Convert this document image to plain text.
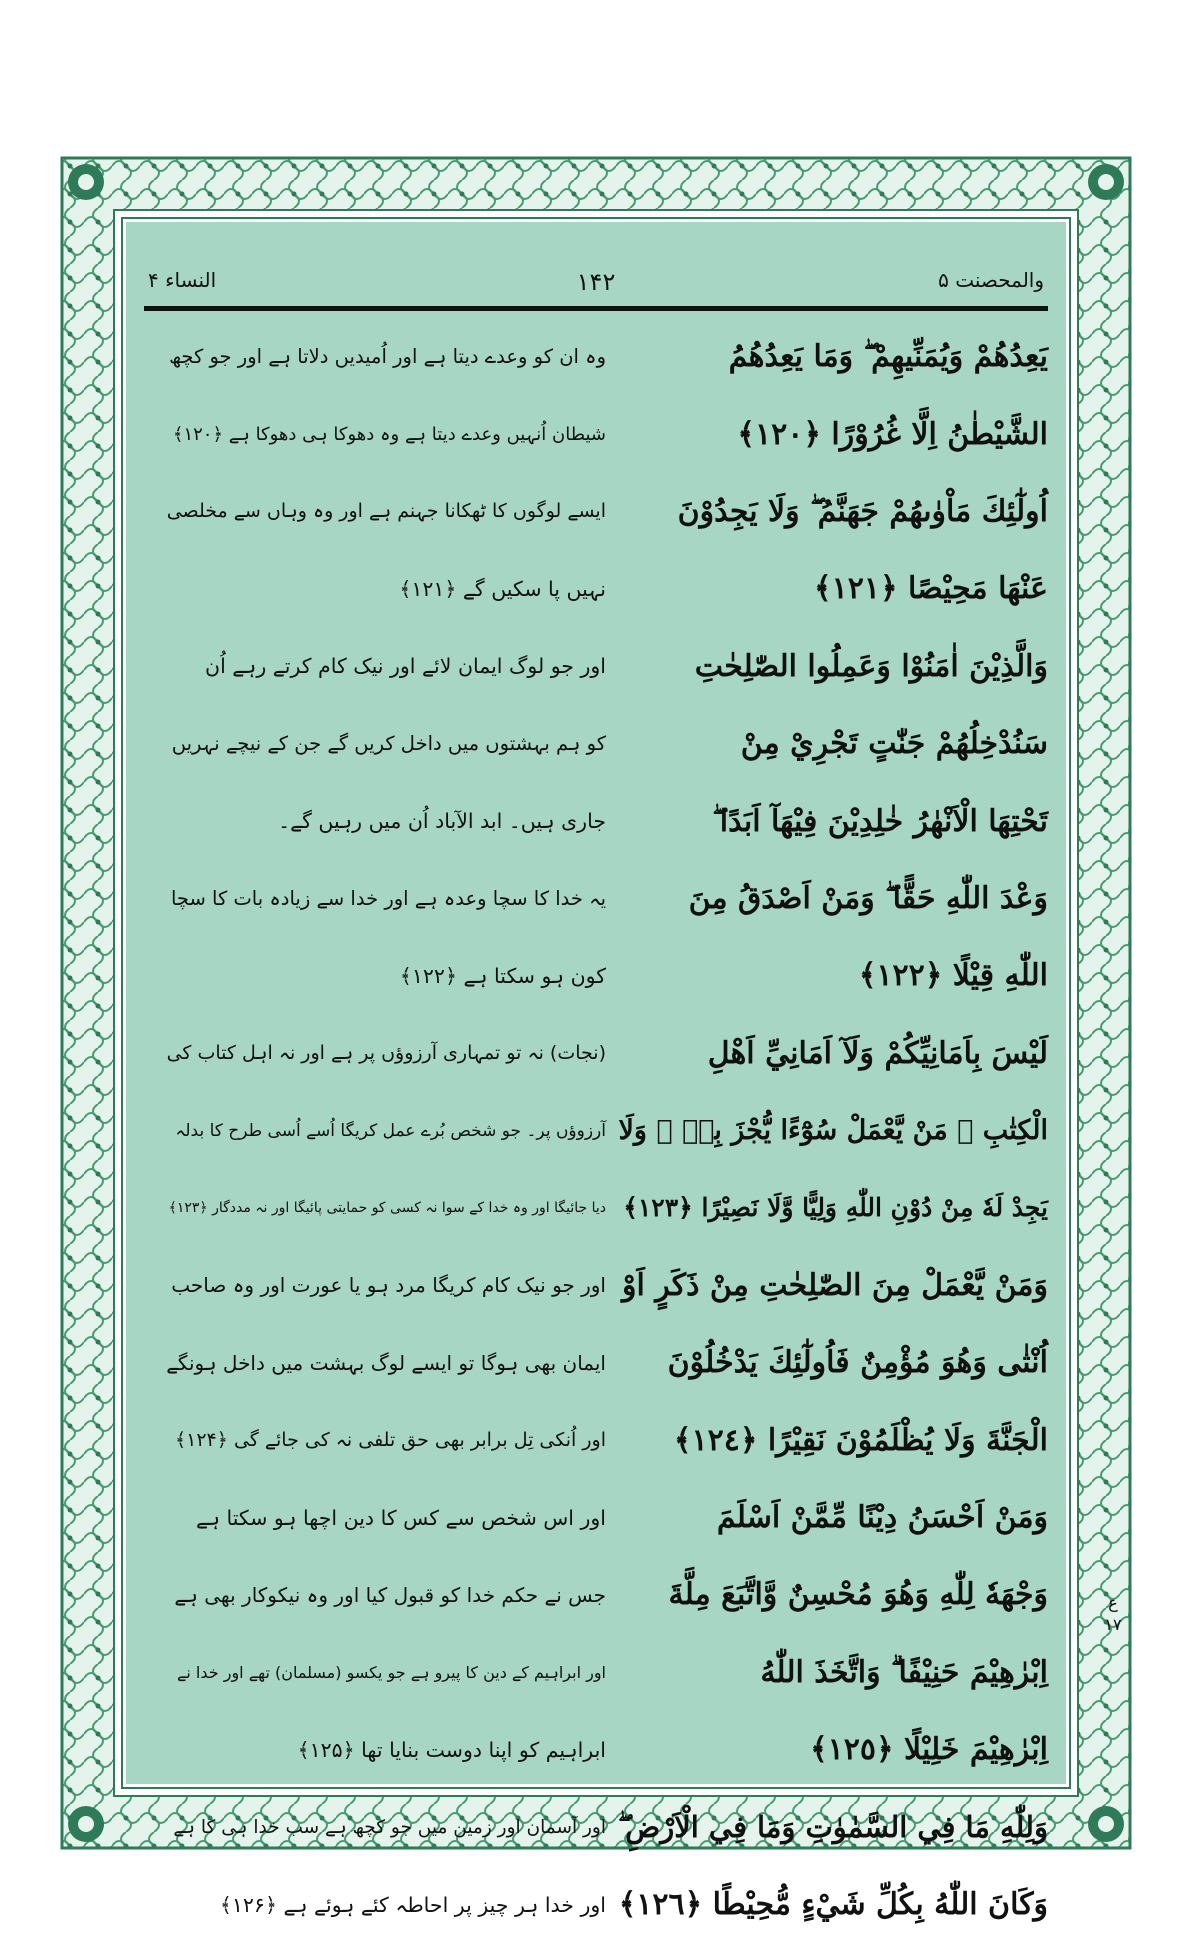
والمحصنت ۵
۱۴۲
النساء ۴
يَعِدُهُمْ وَيُمَنِّيهِمْ ۖ وَمَا يَعِدُهُمُ
الشَّيْطٰنُ اِلَّا غُرُوْرًا ﴿١٢٠﴾
اُولٰٓئِكَ مَاْوٰىهُمْ جَهَنَّمُ ۖ وَلَا يَجِدُوْنَ
عَنْهَا مَحِيْصًا ﴿١٢١﴾
وَالَّذِيْنَ اٰمَنُوْا وَعَمِلُوا الصّٰلِحٰتِ
سَنُدْخِلُهُمْ جَنّٰتٍ تَجْرِيْ مِنْ
تَحْتِهَا الْاَنْهٰرُ خٰلِدِيْنَ فِيْهَآ اَبَدًا ۖ
وَعْدَ اللّٰهِ حَقًّا ۖ وَمَنْ اَصْدَقُ مِنَ
اللّٰهِ قِيْلًا ﴿١٢٢﴾
لَيْسَ بِاَمَانِيِّكُمْ وَلَآ اَمَانِيِّ اَهْلِ
الْكِتٰبِ ۖ مَنْ يَّعْمَلْ سُوْٓءًا يُّجْزَ بِهٖ ۙ وَلَا
يَجِدْ لَهٗ مِنْ دُوْنِ اللّٰهِ وَلِيًّا وَّلَا نَصِيْرًا ﴿١٢٣﴾
وَمَنْ يَّعْمَلْ مِنَ الصّٰلِحٰتِ مِنْ ذَكَرٍ اَوْ
اُنْثٰى وَهُوَ مُؤْمِنٌ فَاُولٰٓئِكَ يَدْخُلُوْنَ
الْجَنَّةَ وَلَا يُظْلَمُوْنَ نَقِيْرًا ﴿١٢٤﴾
وَمَنْ اَحْسَنُ دِيْنًا مِّمَّنْ اَسْلَمَ
وَجْهَهٗ لِلّٰهِ وَهُوَ مُحْسِنٌ وَّاتَّبَعَ مِلَّةَ
اِبْرٰهِيْمَ حَنِيْفًا ۗ وَاتَّخَذَ اللّٰهُ
اِبْرٰهِيْمَ خَلِيْلًا ﴿١٢٥﴾
وَلِلّٰهِ مَا فِي السَّمٰوٰتِ وَمَا فِي الْاَرْضِ ۖ
وَكَانَ اللّٰهُ بِكُلِّ شَيْءٍ مُّحِيْطًا ﴿١٢٦﴾
وہ ان کو وعدے دیتا ہے اور اُمیدیں دلاتا ہے اور جو کچھ
شیطان اُنہیں وعدے دیتا ہے وہ دھوکا ہی دھوکا ہے ﴿۱۲۰﴾
ایسے لوگوں کا ٹھکانا جہنم ہے اور وہ وہاں سے مخلصی
نہیں پا سکیں گے ﴿۱۲۱﴾
اور جو لوگ ایمان لائے اور نیک کام کرتے رہے اُن
کو ہم بہشتوں میں داخل کریں گے جن کے نیچے نہریں
جاری ہیں۔ ابد الآباد اُن میں رہیں گے۔
یہ خدا کا سچا وعدہ ہے اور خدا سے زیادہ بات کا سچا
کون ہو سکتا ہے ﴿۱۲۲﴾
(نجات) نہ تو تمہاری آرزوؤں پر ہے اور نہ اہل کتاب کی
آرزوؤں پر۔ جو شخص بُرے عمل کریگا اُسے اُسی طرح کا بدلہ
دیا جائیگا اور وہ خدا کے سوا نہ کسی کو حمایتی پائیگا اور نہ مددگار ﴿۱۲۳﴾
اور جو نیک کام کریگا مرد ہو یا عورت اور وہ صاحب
ایمان بھی ہوگا تو ایسے لوگ بہشت میں داخل ہونگے
اور اُنکی تِل برابر بھی حق تلفی نہ کی جائے گی ﴿۱۲۴﴾
اور اس شخص سے کس کا دین اچھا ہو سکتا ہے
جس نے حکم خدا کو قبول کیا اور وہ نیکوکار بھی ہے
اور ابراہیم کے دین کا پیرو ہے جو یکسو (مسلمان) تھے اور خدا نے
ابراہیم کو اپنا دوست بنایا تھا ﴿۱۲۵﴾
اور آسمان اور زمین میں جو کچھ ہے سب خدا ہی کا ہے
اور خدا ہر چیز پر احاطہ کئے ہوئے ہے ﴿۱۲۶﴾
ع ۱۷
